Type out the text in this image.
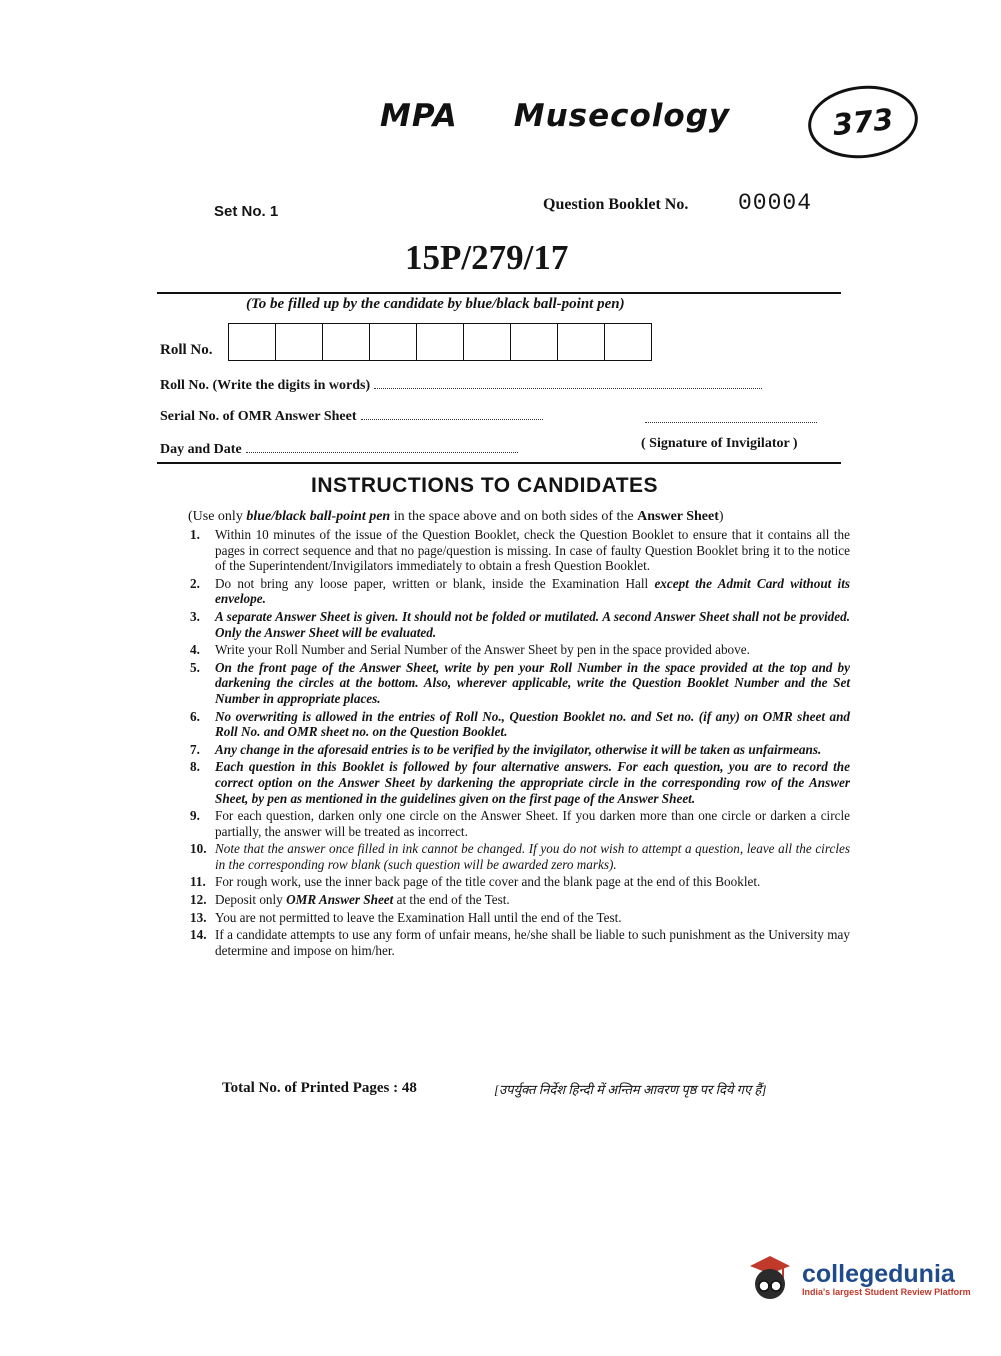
MPA Musecology	373
Set No. 1	Question Booklet No. 00004
15P/279/17
(To be filled up by the candidate by blue/black ball-point pen)
Roll No.
Roll No. (Write the digits in words)
Serial No. of OMR Answer Sheet
Day and Date	( Signature of Invigilator )
INSTRUCTIONS TO CANDIDATES
(Use only blue/black ball-point pen in the space above and on both sides of the Answer Sheet)
1.	Within 10 minutes of the issue of the Question Booklet, check the Question Booklet to ensure that it contains all the pages in correct sequence and that no page/question is missing. In case of faulty Question Booklet bring it to the notice of the Superintendent/Invigilators immediately to obtain a fresh Question Booklet.
2.	Do not bring any loose paper, written or blank, inside the Examination Hall except the Admit Card without its envelope.
3.	A separate Answer Sheet is given. It should not be folded or mutilated. A second Answer Sheet shall not be provided. Only the Answer Sheet will be evaluated.
4.	Write your Roll Number and Serial Number of the Answer Sheet by pen in the space provided above.
5.	On the front page of the Answer Sheet, write by pen your Roll Number in the space provided at the top and by darkening the circles at the bottom. Also, wherever applicable, write the Question Booklet Number and the Set Number in appropriate places.
6.	No overwriting is allowed in the entries of Roll No., Question Booklet no. and Set no. (if any) on OMR sheet and Roll No. and OMR sheet no. on the Question Booklet.
7.	Any change in the aforesaid entries is to be verified by the invigilator, otherwise it will be taken as unfairmeans.
8.	Each question in this Booklet is followed by four alternative answers. For each question, you are to record the correct option on the Answer Sheet by darkening the appropriate circle in the corresponding row of the Answer Sheet, by pen as mentioned in the guidelines given on the first page of the Answer Sheet.
9.	For each question, darken only one circle on the Answer Sheet. If you darken more than one circle or darken a circle partially, the answer will be treated as incorrect.
10. Note that the answer once filled in ink cannot be changed. If you do not wish to attempt a question, leave all the circles in the corresponding row blank (such question will be awarded zero marks).
11. For rough work, use the inner back page of the title cover and the blank page at the end of this Booklet.
12. Deposit only OMR Answer Sheet at the end of the Test.
13. You are not permitted to leave the Examination Hall until the end of the Test.
14. If a candidate attempts to use any form of unfair means, he/she shall be liable to such punishment as the University may determine and impose on him/her.
Total No. of Printed Pages : 48	[उपर्युक्त निर्देश हिन्दी में अन्तिम आवरण पृष्ठ पर दिये गए हैं]
collegedunia
India's largest Student Review Platform
